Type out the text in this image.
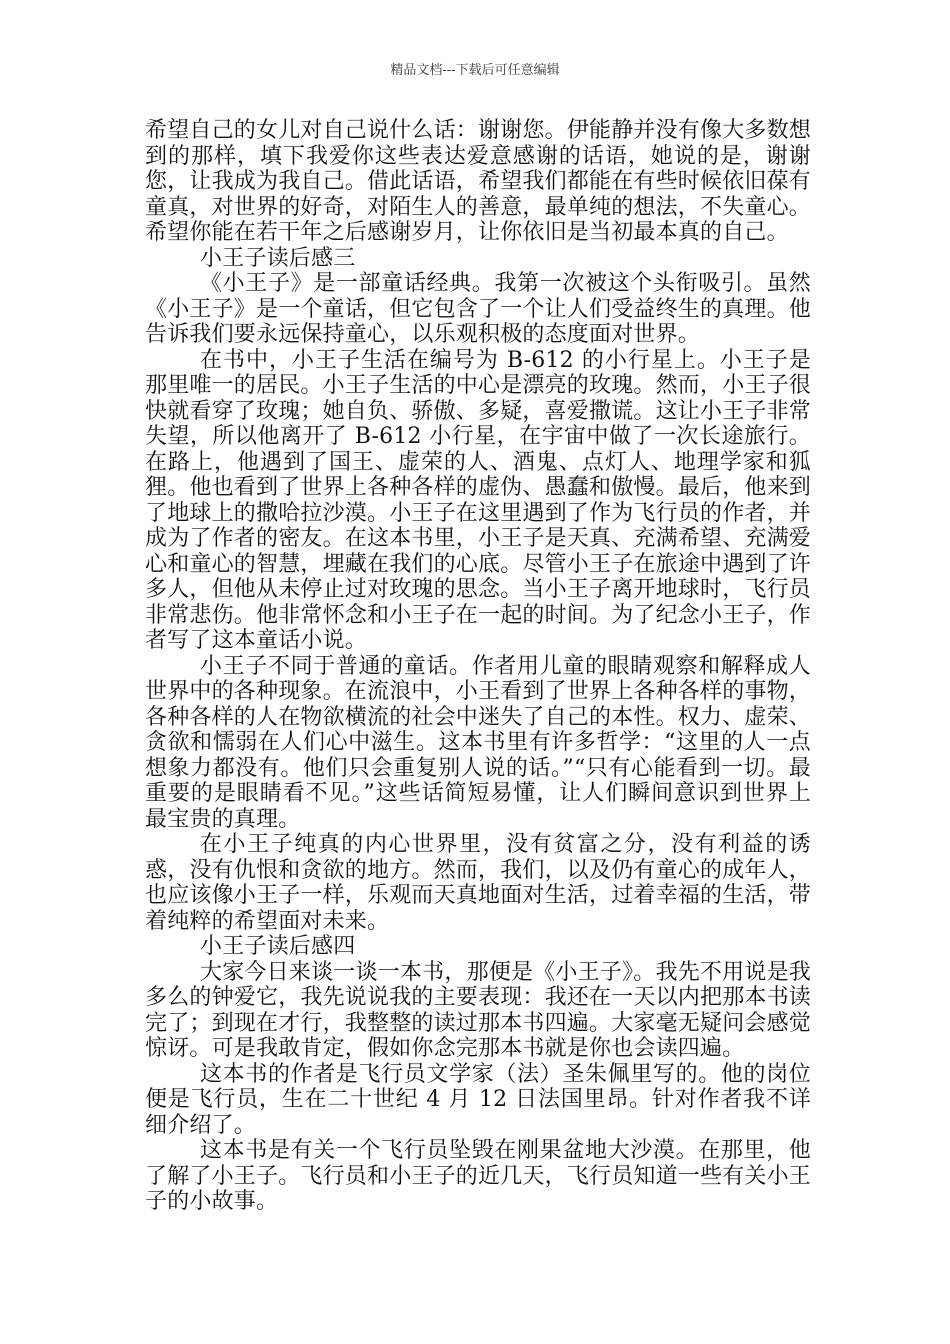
精品文档---下载后可任意编辑

希望自己的女儿对自己说什么话：谢谢您。伊能静并没有像大多数想到的那样，填下我爱你这些表达爱意感谢的话语，她说的是，谢谢您，让我成为我自己。借此话语，希望我们都能在有些时候依旧葆有童真，对世界的好奇，对陌生人的善意，最单纯的想法，不失童心。希望你能在若干年之后感谢岁月，让你依旧是当初最本真的自己。

小王子读后感三

《小王子》是一部童话经典。我第一次被这个头衔吸引。虽然《小王子》是一个童话，但它包含了一个让人们受益终生的真理。他告诉我们要永远保持童心，以乐观积极的态度面对世界。

在书中，小王子生活在编号为 B-612 的小行星上。小王子是那里唯一的居民。小王子生活的中心是漂亮的玫瑰。然而，小王子很快就看穿了玫瑰；她自负、骄傲、多疑，喜爱撒谎。这让小王子非常失望，所以他离开了 B-612 小行星，在宇宙中做了一次长途旅行。在路上，他遇到了国王、虚荣的人、酒鬼、点灯人、地理学家和狐狸。他也看到了世界上各种各样的虚伪、愚蠢和傲慢。最后，他来到了地球上的撒哈拉沙漠。小王子在这里遇到了作为飞行员的作者，并成为了作者的密友。在这本书里，小王子是天真、充满希望、充满爱心和童心的智慧，埋藏在我们的心底。尽管小王子在旅途中遇到了许多人，但他从未停止过对玫瑰的思念。当小王子离开地球时，飞行员非常悲伤。他非常怀念和小王子在一起的时间。为了纪念小王子，作者写了这本童话小说。

小王子不同于普通的童话。作者用儿童的眼睛观察和解释成人世界中的各种现象。在流浪中，小王看到了世界上各种各样的事物，各种各样的人在物欲横流的社会中迷失了自己的本性。权力、虚荣、贪欲和懦弱在人们心中滋生。这本书里有许多哲学：“这里的人一点想象力都没有。他们只会重复别人说的话。”“只有心能看到一切。最重要的是眼睛看不见。”这些话简短易懂，让人们瞬间意识到世界上最宝贵的真理。

在小王子纯真的内心世界里，没有贫富之分，没有利益的诱惑，没有仇恨和贪欲的地方。然而，我们，以及仍有童心的成年人，也应该像小王子一样，乐观而天真地面对生活，过着幸福的生活，带着纯粹的希望面对未来。

小王子读后感四

大家今日来谈一谈一本书，那便是《小王子》。我先不用说是我多么的钟爱它，我先说说我的主要表现：我还在一天以内把那本书读完了；到现在才行，我整整的读过那本书四遍。大家毫无疑问会感觉惊讶。可是我敢肯定，假如你念完那本书就是你也会读四遍。

这本书的作者是飞行员文学家（法）圣朱佩里写的。他的岗位便是飞行员，生在二十世纪 4 月 12 日法国里昂。针对作者我不详细介绍了。

这本书是有关一个飞行员坠毁在刚果盆地大沙漠。在那里，他了解了小王子。飞行员和小王子的近几天，飞行员知道一些有关小王子的小故事。
